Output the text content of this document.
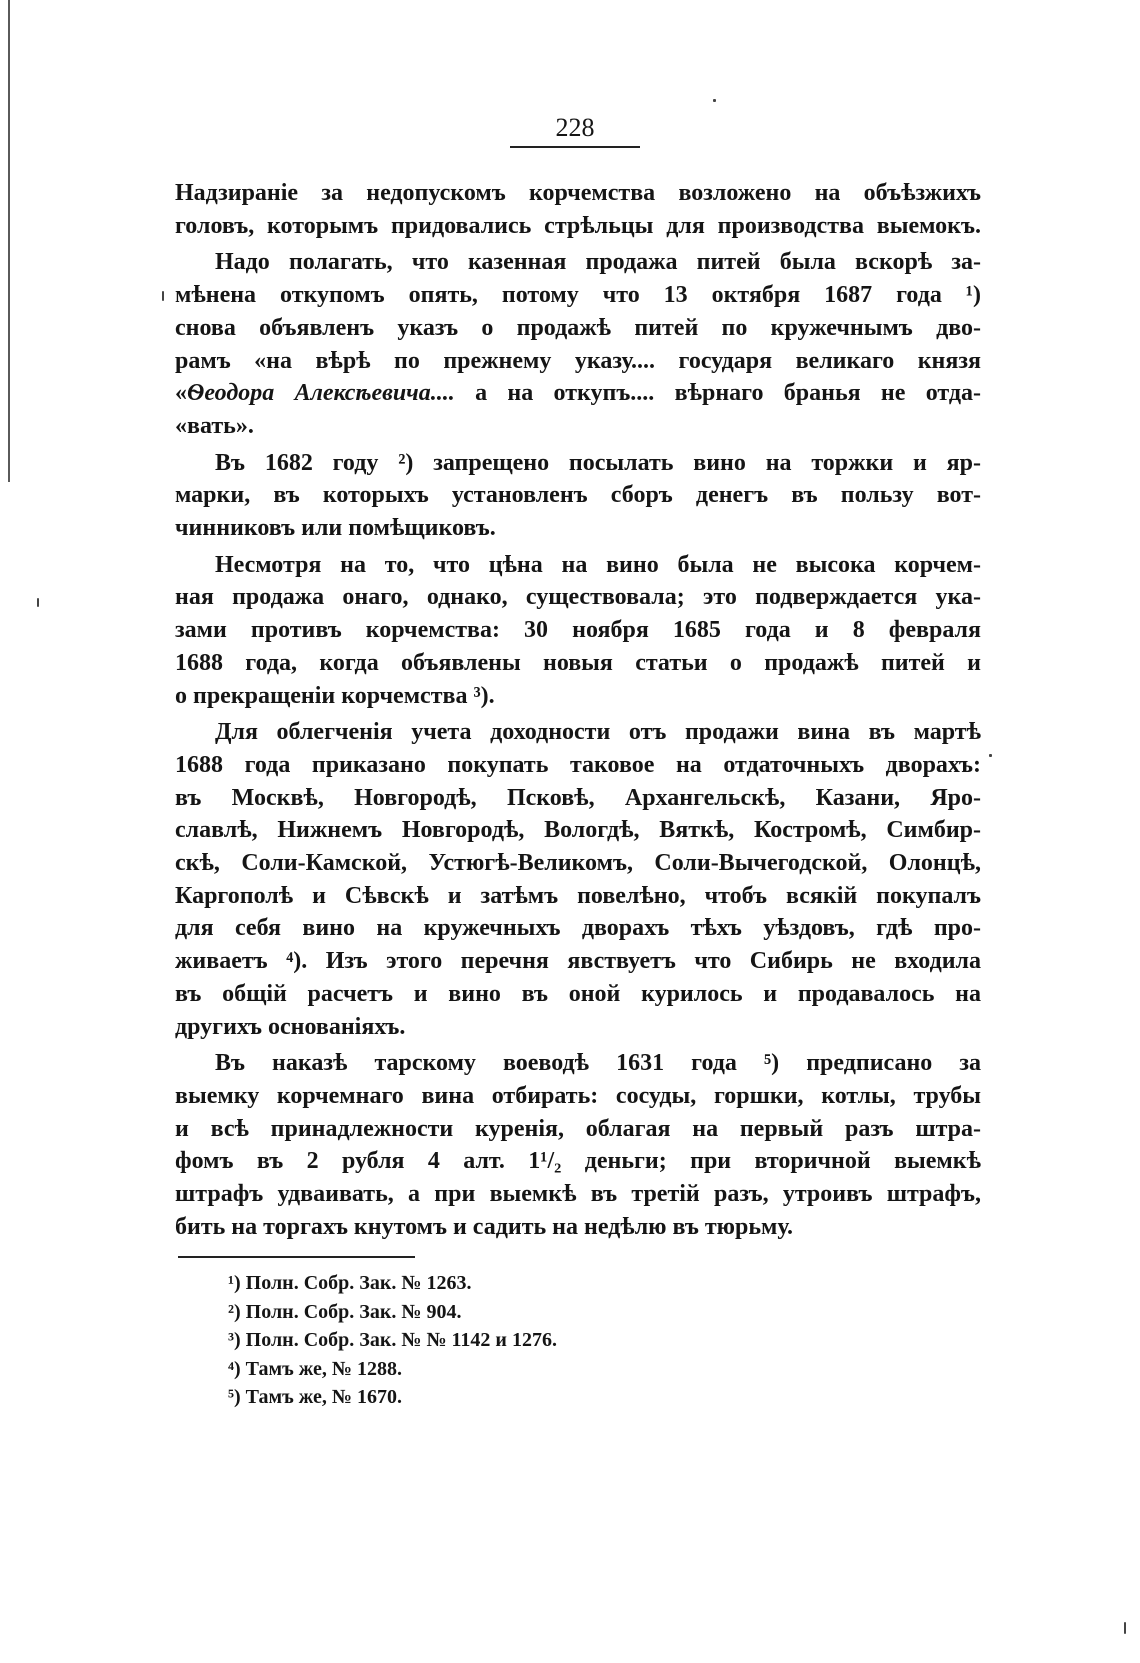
228
Надзираніе за недопускомъ корчемства возложено на объѣзжихъ
головъ, которымъ придовались стрѣльцы для производства выемокъ.
Надо полагать, что казенная продажа питей была вскорѣ за-
мѣнена откупомъ опять, потому что 13 октября 1687 года ¹)
снова объявленъ указъ о продажѣ питей по кружечнымъ дво-
рамъ «на вѣрѣ по прежнему указу.... государя великаго князя
«Ѳеодора Алексѣевича.... а на откупъ.... вѣрнаго бранья не отда-
«вать».
Въ 1682 году ²) запрещено посылать вино на торжки и яр-
марки, въ которыхъ установленъ сборъ денегъ въ пользу вот-
чинниковъ или помѣщиковъ.
Несмотря на то, что цѣна на вино была не высока корчем-
ная продажа онаго, однако, существовала; это подверждается ука-
зами противъ корчемства: 30 ноября 1685 года и 8 февраля
1688 года, когда объявлены новыя статьи о продажѣ питей и
о прекращеніи корчемства ³).
Для облегченія учета доходности отъ продажи вина въ мартѣ
1688 года приказано покупать таковое на отдаточныхъ дворахъ:
въ Москвѣ, Новгородѣ, Псковѣ, Архангельскѣ, Казани, Яро-
славлѣ, Нижнемъ Новгородѣ, Вологдѣ, Вяткѣ, Костромѣ, Симбир-
скѣ, Соли-Камской, Устюгѣ-Великомъ, Соли-Вычегодской, Олонцѣ,
Каргополѣ и Сѣвскѣ и затѣмъ повелѣно, чтобъ всякій покупалъ
для себя вино на кружечныхъ дворахъ тѣхъ уѣздовъ, гдѣ про-
живаетъ ⁴). Изъ этого перечня явствуетъ что Сибирь не входила
въ общій расчетъ и вино въ оной курилось и продавалось на
другихъ основаніяхъ.
Въ наказѣ тарскому воеводѣ 1631 года ⁵) предписано за
выемку корчемнаго вина отбирать: сосуды, горшки, котлы, трубы
и всѣ принадлежности куренія, облагая на первый разъ штра-
фомъ въ 2 рубля 4 алт. 1¹/₂ деньги; при вторичной выемкѣ
штрафъ удваивать, а при выемкѣ въ третій разъ, утроивъ штрафъ,
бить на торгахъ кнутомъ и садить на недѣлю въ тюрьму.
¹) Полн. Собр. Зак. № 1263.
²) Полн. Собр. Зак. № 904.
³) Полн. Собр. Зак. № № 1142 и 1276.
⁴) Тамъ же, № 1288.
⁵) Тамъ же, № 1670.
